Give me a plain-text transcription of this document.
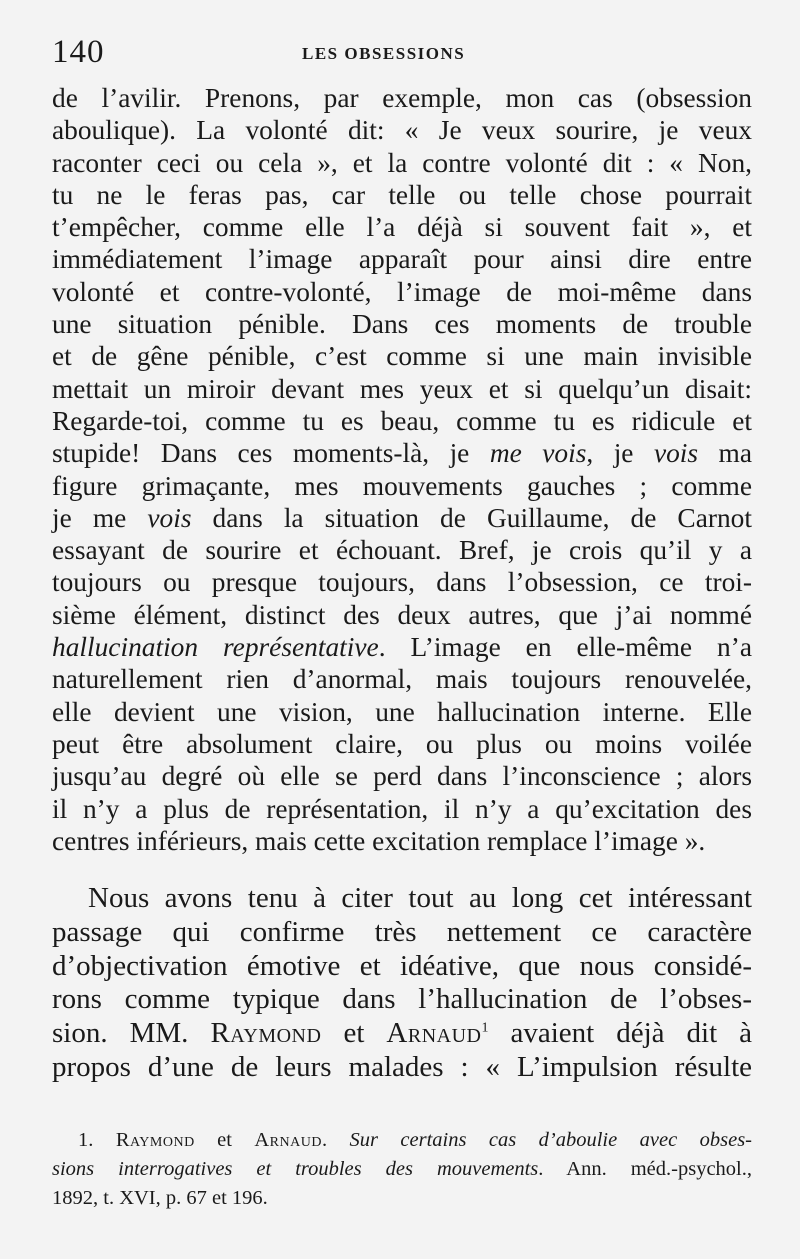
140	LES OBSESSIONS
de l’avilir. Prenons, par exemple, mon cas (obsession
aboulique). La volonté dit: « Je veux sourire, je veux
raconter ceci ou cela », et la contre volonté dit : « Non,
tu ne le feras pas, car telle ou telle chose pourrait
t’empêcher, comme elle l’a déjà si souvent fait », et
immédiatement l’image apparaît pour ainsi dire entre
volonté et contre-volonté, l’image de moi-même dans
une situation pénible. Dans ces moments de trouble
et de gêne pénible, c’est comme si une main invisible
mettait un miroir devant mes yeux et si quelqu’un disait:
Regarde-toi, comme tu es beau, comme tu es ridicule et
stupide! Dans ces moments-là, je me vois, je vois ma
figure grimaçante, mes mouvements gauches ; comme
je me vois dans la situation de Guillaume, de Carnot
essayant de sourire et échouant. Bref, je crois qu’il y a
toujours ou presque toujours, dans l’obsession, ce troi-
sième élément, distinct des deux autres, que j’ai nommé
hallucination représentative. L’image en elle-même n’a
naturellement rien d’anormal, mais toujours renouvelée,
elle devient une vision, une hallucination interne. Elle
peut être absolument claire, ou plus ou moins voilée
jusqu’au degré où elle se perd dans l’inconscience ; alors
il n’y a plus de représentation, il n’y a qu’excitation des
centres inférieurs, mais cette excitation remplace l’image ».
Nous avons tenu à citer tout au long cet intéressant
passage qui confirme très nettement ce caractère
d’objectivation émotive et idéative, que nous considé-
rons comme typique dans l’hallucination de l’obses-
sion. MM. Raymond et Arnaud$^1$ avaient déjà dit à
propos d’une de leurs malades : « L’impulsion résulte
1. Raymond et Arnaud. Sur certains cas d’aboulie avec obses-
sions interrogatives et troubles des mouvements. Ann. méd.-psychol.,
1892, t. XVI, p. 67 et 196.
